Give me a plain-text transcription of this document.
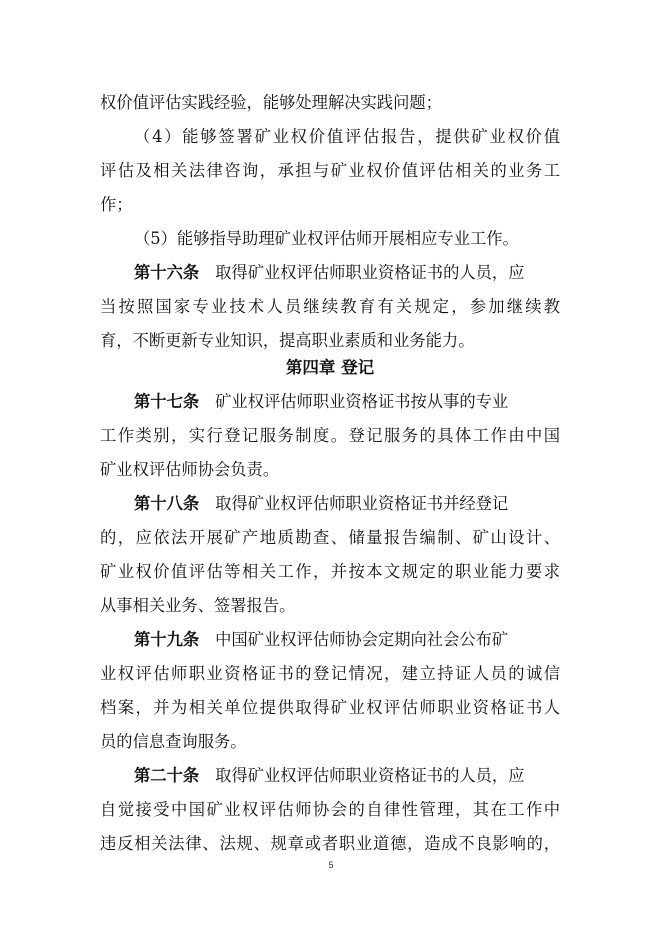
权价值评估实践经验，能够处理解决实践问题；
（4）能够签署矿业权价值评估报告，提供矿业权价值
评估及相关法律咨询，承担与矿业权价值评估相关的业务工
作；
（5）能够指导助理矿业权评估师开展相应专业工作。
第十六条 取得矿业权评估师职业资格证书的人员，应
当按照国家专业技术人员继续教育有关规定，参加继续教
育，不断更新专业知识，提高职业素质和业务能力。
第四章 登记
第十七条 矿业权评估师职业资格证书按从事的专业
工作类别，实行登记服务制度。登记服务的具体工作由中国
矿业权评估师协会负责。
第十八条 取得矿业权评估师职业资格证书并经登记
的，应依法开展矿产地质勘查、储量报告编制、矿山设计、
矿业权价值评估等相关工作，并按本文规定的职业能力要求
从事相关业务、签署报告。
第十九条 中国矿业权评估师协会定期向社会公布矿
业权评估师职业资格证书的登记情况，建立持证人员的诚信
档案，并为相关单位提供取得矿业权评估师职业资格证书人
员的信息查询服务。
第二十条 取得矿业权评估师职业资格证书的人员，应
自觉接受中国矿业权评估师协会的自律性管理，其在工作中
违反相关法律、法规、规章或者职业道德，造成不良影响的，
5
